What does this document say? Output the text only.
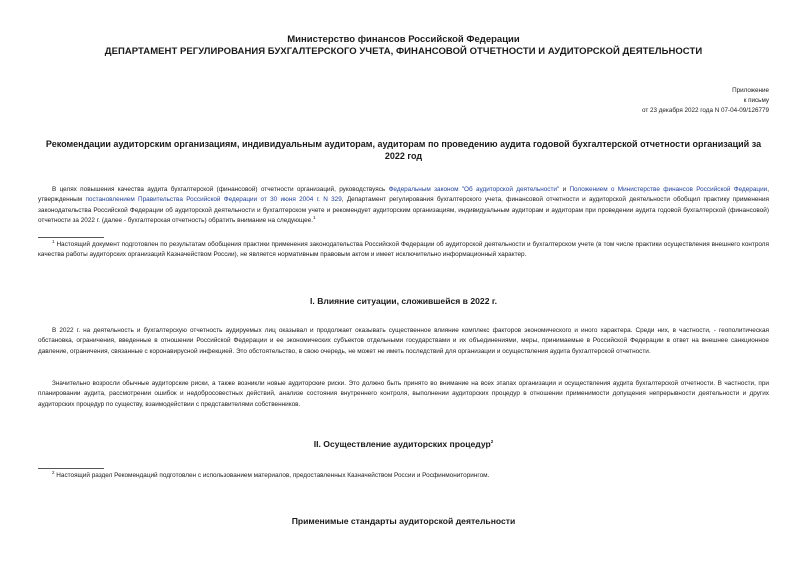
Министерство финансов Российской Федерации
ДЕПАРТАМЕНТ РЕГУЛИРОВАНИЯ БУХГАЛТЕРСКОГО УЧЕТА, ФИНАНСОВОЙ ОТЧЕТНОСТИ И АУДИТОРСКОЙ ДЕЯТЕЛЬНОСТИ
Приложение
к письму
от 23 декабря 2022 года N 07-04-09/126779
Рекомендации аудиторским организациям, индивидуальным аудиторам, аудиторам по проведению аудита годовой бухгалтерской отчетности организаций за 2022 год
В целях повышения качества аудита бухгалтерской (финансовой) отчетности организаций, руководствуясь Федеральным законом "Об аудиторской деятельности" и Положением о Министерстве финансов Российской Федерации, утвержденным постановлением Правительства Российской Федерации от 30 июня 2004 г. N 329, Департамент регулирования бухгалтерского учета, финансовой отчетности и аудиторской деятельности обобщил практику применения законодательства Российской Федерации об аудиторской деятельности и бухгалтерском учете и рекомендует аудиторским организациям, индивидуальным аудиторам и аудиторам при проведении аудита годовой бухгалтерской (финансовой) отчетности за 2022 г. (далее - бухгалтерская отчетность) обратить внимание на следующее.$^1$
$^1$ Настоящий документ подготовлен по результатам обобщения практики применения законодательства Российской Федерации об аудиторской деятельности и бухгалтерском учете (в том числе практики осуществления внешнего контроля качества работы аудиторских организаций Казначейством России), не является нормативным правовым актом и имеет исключительно информационный характер.
I. Влияние ситуации, сложившейся в 2022 г.
В 2022 г. на деятельность и бухгалтерскую отчетность аудируемых лиц оказывал и продолжает оказывать существенное влияние комплекс факторов экономического и иного характера. Среди них, в частности, - геополитическая обстановка, ограничения, введенные в отношении Российской Федерации и ее экономических субъектов отдельными государствами и их объединениями, меры, принимаемые в Российской Федерации в ответ на внешнее санкционное давление, ограничения, связанные с коронавирусной инфекцией. Это обстоятельство, в свою очередь, не может не иметь последствий для организации и осуществления аудита бухгалтерской отчетности.
Значительно возросли обычные аудиторские риски, а также возникли новые аудиторские риски. Это должно быть принято во внимание на всех этапах организации и осуществления аудита бухгалтерской отчетности. В частности, при планировании аудита, рассмотрении ошибок и недобросовестных действий, анализе состояния внутреннего контроля, выполнении аудиторских процедур в отношении применимости допущения непрерывности деятельности и других аудиторских процедур по существу, взаимодействии с представителями собственников.
II. Осуществление аудиторских процедур$^2$
$^2$ Настоящий раздел Рекомендаций подготовлен с использованием материалов, предоставленных Казначейством России и Росфинмониторингом.
Применимые стандарты аудиторской деятельности
